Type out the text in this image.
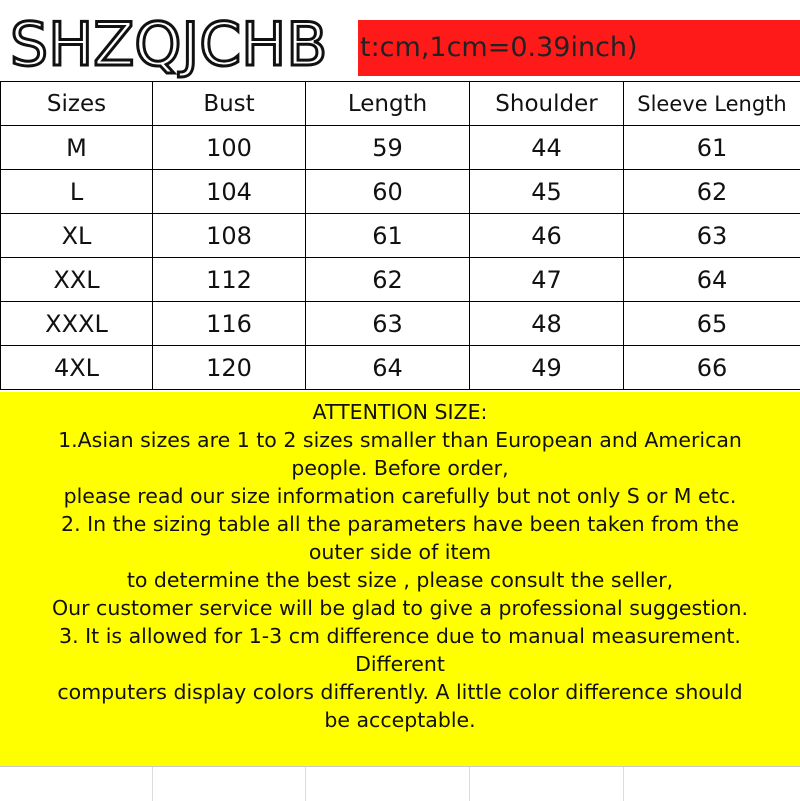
t:cm,1cm=0.39inch)
SHZQJCHB
Sizes	Bust	Length	Shoulder	Sleeve Length
M	100	59	44	61
L	104	60	45	62
XL	108	61	46	63
XXL	112	62	47	64
XXXL	116	63	48	65
4XL	120	64	49	66
ATTENTION SIZE:
1.Asian sizes are 1 to 2 sizes smaller than European and American
people. Before order,
please read our size information carefully but not only S or M etc.
2. In the sizing table all the parameters have been taken from the
outer side of item
to determine the best size , please consult the seller,
Our customer service will be glad to give a professional suggestion.
3. It is allowed for 1-3 cm difference due to manual measurement.
Different
computers display colors differently. A little color difference should
be acceptable.
